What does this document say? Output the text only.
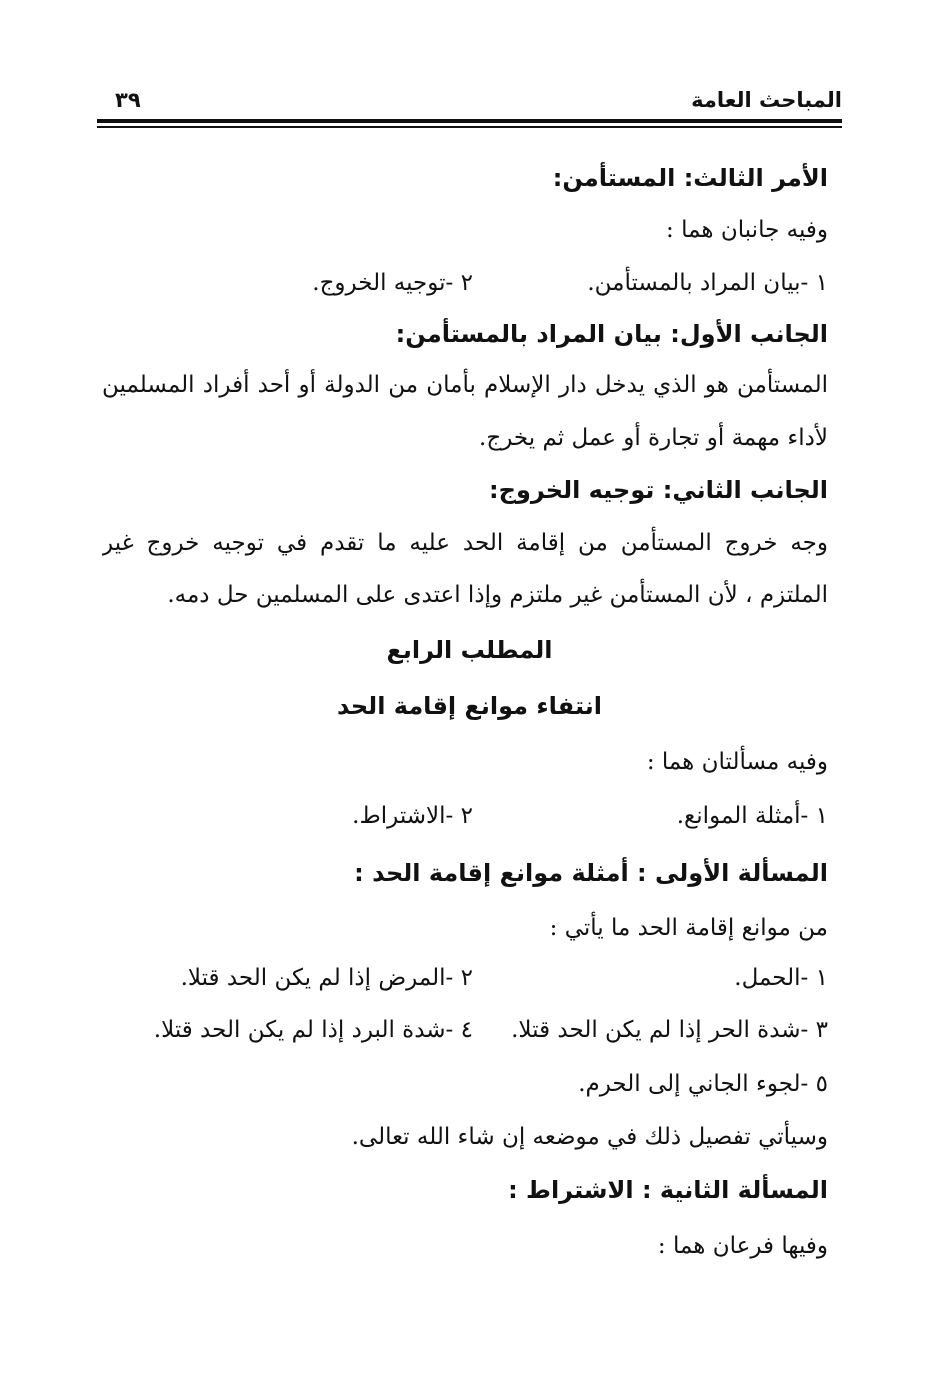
المباحث العامة
٣٩
الأمر الثالث: المستأمن:
وفيه جانبان هما :
١ -بيان المراد بالمستأمن.
٢ -توجيه الخروج.
الجانب الأول: بيان المراد بالمستأمن:
المستأمن هو الذي يدخل دار الإسلام بأمان من الدولة أو أحد أفراد المسلمين
لأداء مهمة أو تجارة أو عمل ثم يخرج.
الجانب الثاني: توجيه الخروج:
وجه خروج المستأمن من إقامة الحد عليه ما تقدم في توجيه خروج غير
الملتزم ، لأن المستأمن غير ملتزم وإذا اعتدى على المسلمين حل دمه.
المطلب الرابع
انتفاء موانع إقامة الحد
وفيه مسألتان هما :
١ -أمثلة الموانع.
٢ -الاشتراط.
المسألة الأولى : أمثلة موانع إقامة الحد :
من موانع إقامة الحد ما يأتي :
١ -الحمل.
٢ -المرض إذا لم يكن الحد قتلا.
٣ -شدة الحر إذا لم يكن الحد قتلا.
٤ -شدة البرد إذا لم يكن الحد قتلا.
٥ -لجوء الجاني إلى الحرم.
وسيأتي تفصيل ذلك في موضعه إن شاء الله تعالى.
المسألة الثانية : الاشتراط :
وفيها فرعان هما :
